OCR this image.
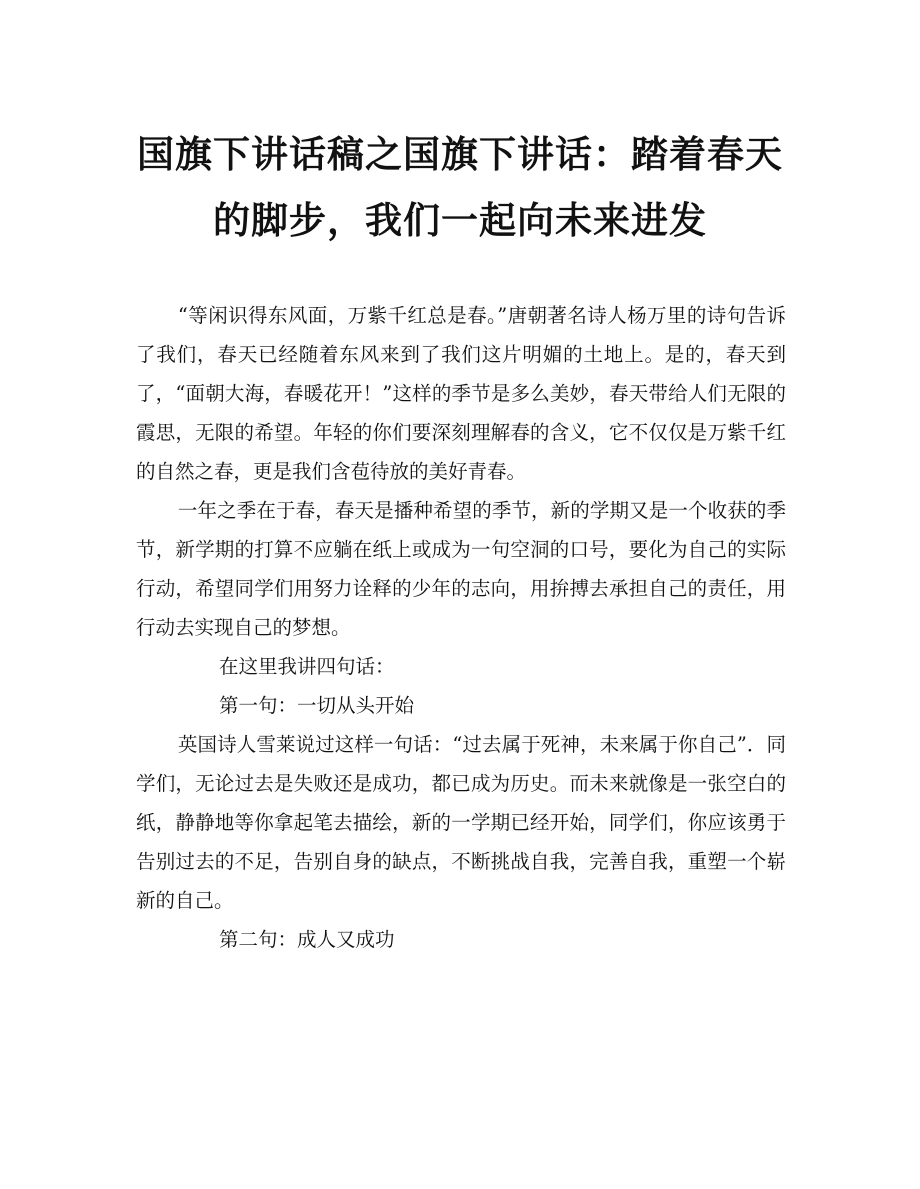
国旗下讲话稿之国旗下讲话：踏着春天的脚步，我们一起向未来进发

“等闲识得东风面，万紫千红总是春。”唐朝著名诗人杨万里的诗句告诉了我们，春天已经随着东风来到了我们这片明媚的土地上。是的，春天到了，“面朝大海，春暖花开！”这样的季节是多么美妙，春天带给人们无限的霞思，无限的希望。年轻的你们要深刻理解春的含义，它不仅仅是万紫千红的自然之春，更是我们含苞待放的美好青春。

一年之季在于春，春天是播种希望的季节，新的学期又是一个收获的季节，新学期的打算不应躺在纸上或成为一句空洞的口号，要化为自己的实际行动，希望同学们用努力诠释的少年的志向，用拚搏去承担自己的责任，用行动去实现自己的梦想。

在这里我讲四句话：

第一句：一切从头开始

英国诗人雪莱说过这样一句话：“过去属于死神，未来属于你自己”．同学们，无论过去是失败还是成功，都已成为历史。而未来就像是一张空白的纸，静静地等你拿起笔去描绘，新的一学期已经开始，同学们，你应该勇于告别过去的不足，告别自身的缺点，不断挑战自我，完善自我，重塑一个崭新的自己。

第二句：成人又成功
